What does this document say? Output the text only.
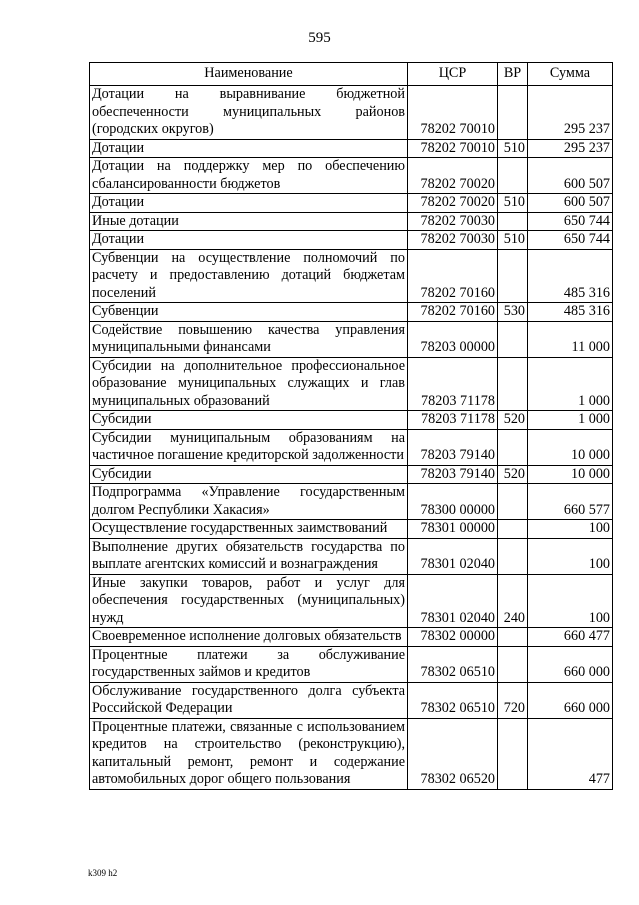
595
Наименование	ЦСР	ВР	Сумма
Дотации на выравнивание бюджетной обеспеченности муниципальных районов (городских округов)	78202 70010		295 237
Дотации	78202 70010	510	295 237
Дотации на поддержку мер по обеспечению сбалансированности бюджетов	78202 70020		600 507
Дотации	78202 70020	510	600 507
Иные дотации	78202 70030		650 744
Дотации	78202 70030	510	650 744
Субвенции на осуществление полномочий по расчету и предоставлению дотаций бюджетам поселений	78202 70160		485 316
Субвенции	78202 70160	530	485 316
Содействие повышению качества управления муниципальными финансами	78203 00000		11 000
Субсидии на дополнительное профессиональное образование муниципальных служащих и глав муниципальных образований	78203 71178		1 000
Субсидии	78203 71178	520	1 000
Субсидии муниципальным образованиям на частичное погашение кредиторской задолженности	78203 79140		10 000
Субсидии	78203 79140	520	10 000
Подпрограмма «Управление государственным долгом Республики Хакасия»	78300 00000		660 577
Осуществление государственных заимствований	78301 00000		100
Выполнение других обязательств государства по выплате агентских комиссий и вознаграждения	78301 02040		100
Иные закупки товаров, работ и услуг для обеспечения государственных (муниципальных) нужд	78301 02040	240	100
Своевременное исполнение долговых обязательств	78302 00000		660 477
Процентные платежи за обслуживание государственных займов и кредитов	78302 06510		660 000
Обслуживание государственного долга субъекта Российской Федерации	78302 06510	720	660 000
Процентные платежи, связанные с использованием кредитов на строительство (реконструкцию), капитальный ремонт, ремонт и содержание автомобильных дорог общего пользования	78302 06520		477
k309 h2
